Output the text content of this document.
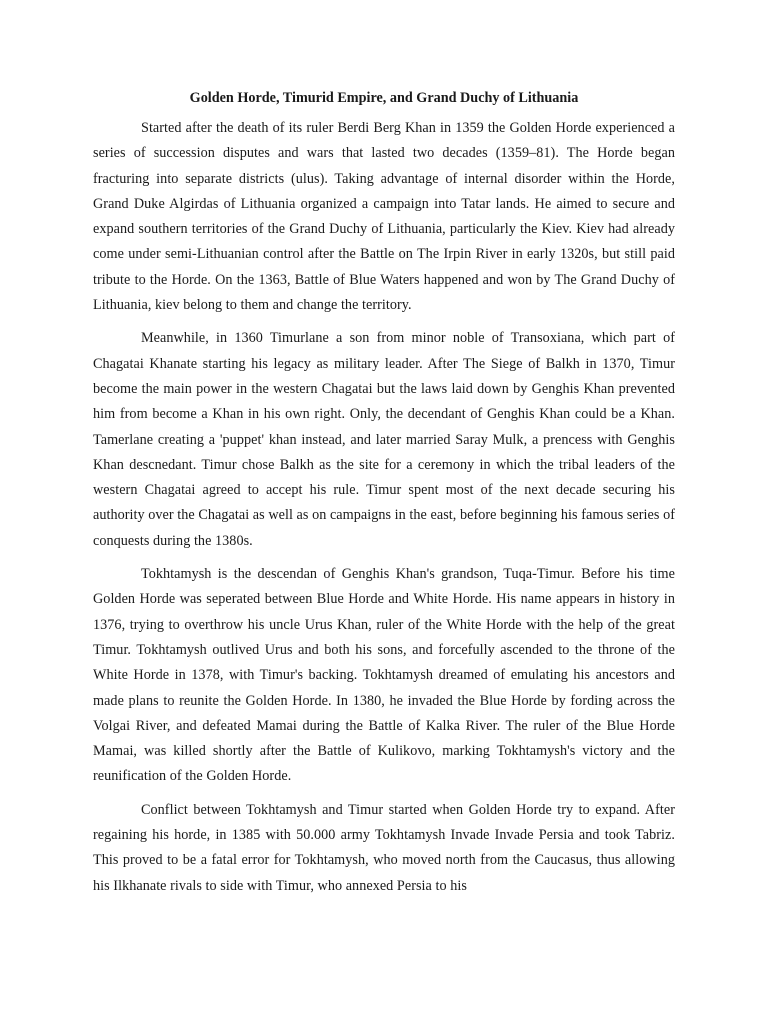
Golden Horde, Timurid Empire, and Grand Duchy of Lithuania

Started after the death of its ruler Berdi Berg Khan in 1359 the Golden Horde experienced a series of succession disputes and wars that lasted two decades (1359–81). The Horde began fracturing into separate districts (ulus). Taking advantage of internal disorder within the Horde, Grand Duke Algirdas of Lithuania organized a campaign into Tatar lands. He aimed to secure and expand southern territories of the Grand Duchy of Lithuania, particularly the Kiev. Kiev had already come under semi-Lithuanian control after the Battle on The Irpin River in early 1320s, but still paid tribute to the Horde. On the 1363, Battle of Blue Waters happened and won by The Grand Duchy of Lithuania, kiev belong to them and change the territory.

Meanwhile, in 1360 Timurlane a son from minor noble of Transoxiana, which part of Chagatai Khanate starting his legacy as military leader. After The Siege of Balkh in 1370, Timur become the main power in the western Chagatai but the laws laid down by Genghis Khan prevented him from become a Khan in his own right. Only, the decendant of Genghis Khan could be a Khan. Tamerlane creating a 'puppet' khan instead, and later married Saray Mulk, a prencess with Genghis Khan descnedant. Timur chose Balkh as the site for a ceremony in which the tribal leaders of the western Chagatai agreed to accept his rule. Timur spent most of the next decade securing his authority over the Chagatai as well as on campaigns in the east, before beginning his famous series of conquests during the 1380s.

Tokhtamysh is the descendan of Genghis Khan's grandson, Tuqa-Timur. Before his time Golden Horde was seperated between Blue Horde and White Horde. His name appears in history in 1376, trying to overthrow his uncle Urus Khan, ruler of the White Horde with the help of the great Timur. Tokhtamysh outlived Urus and both his sons, and forcefully ascended to the throne of the White Horde in 1378, with Timur's backing. Tokhtamysh dreamed of emulating his ancestors and made plans to reunite the Golden Horde. In 1380, he invaded the Blue Horde by fording across the Volgai River, and defeated Mamai during the Battle of Kalka River. The ruler of the Blue Horde Mamai, was killed shortly after the Battle of Kulikovo, marking Tokhtamysh's victory and the reunification of the Golden Horde.

Conflict between Tokhtamysh and Timur started when Golden Horde try to expand. After regaining his horde, in 1385 with 50.000 army Tokhtamysh Invade Invade Persia and took Tabriz. This proved to be a fatal error for Tokhtamysh, who moved north from the Caucasus, thus allowing his Ilkhanate rivals to side with Timur, who annexed Persia to his
